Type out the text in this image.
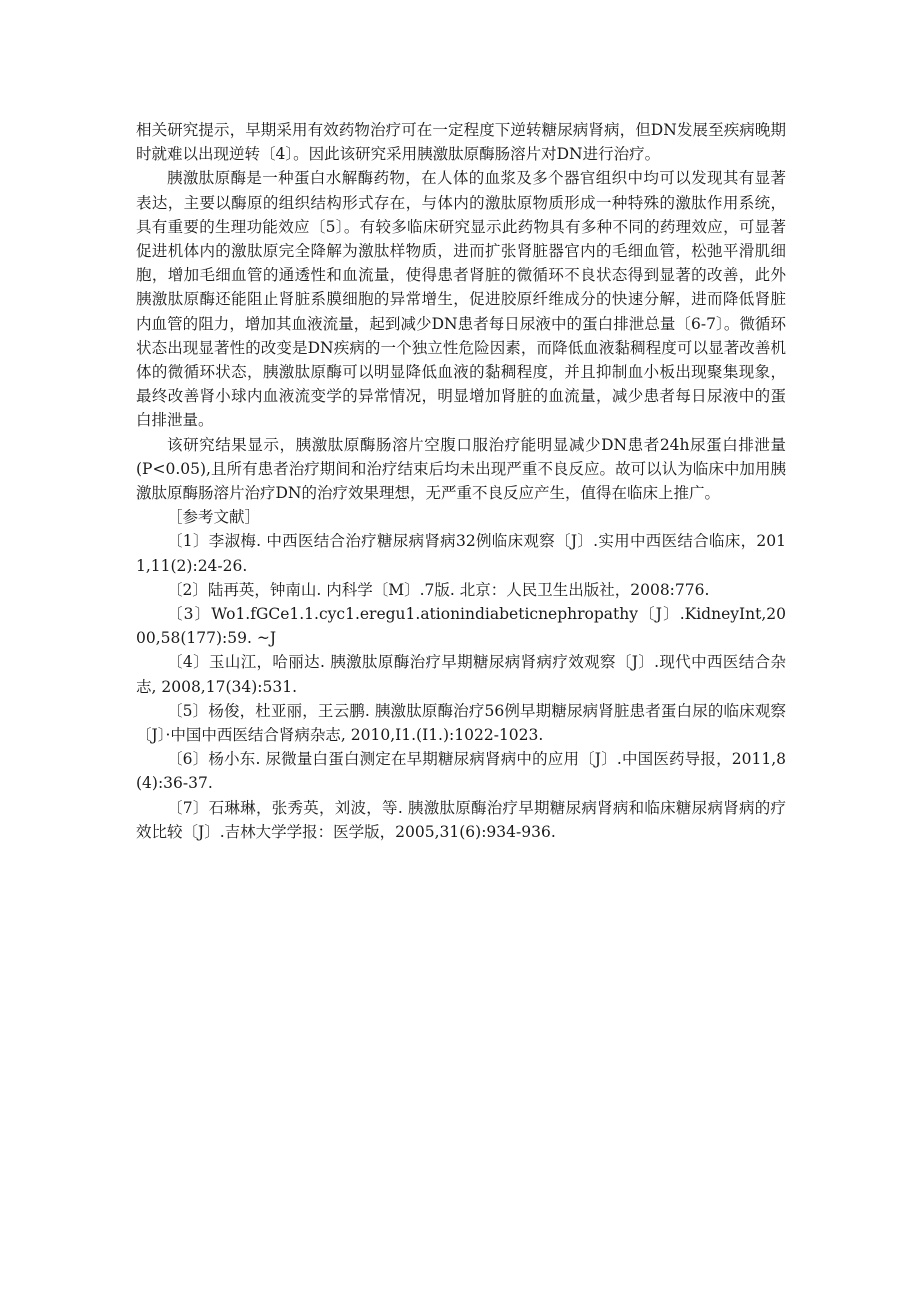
相关研究提示，早期采用有效药物治疗可在一定程度下逆转糖尿病肾病，但DN发展至疾病晚期时就难以出现逆转〔4〕。因此该研究采用胰激肽原酶肠溶片对DN进行治疗。

胰激肽原酶是一种蛋白水解酶药物，在人体的血浆及多个器官组织中均可以发现其有显著表达，主要以酶原的组织结构形式存在，与体内的激肽原物质形成一种特殊的激肽作用系统，具有重要的生理功能效应〔5〕。有较多临床研究显示此药物具有多种不同的药理效应，可显著促进机体内的激肽原完全降解为激肽样物质，进而扩张肾脏器官内的毛细血管，松弛平滑肌细胞，增加毛细血管的通透性和血流量，使得患者肾脏的微循环不良状态得到显著的改善，此外胰激肽原酶还能阻止肾脏系膜细胞的异常增生，促进胶原纤维成分的快速分解，进而降低肾脏内血管的阻力，增加其血液流量，起到减少DN患者每日尿液中的蛋白排泄总量〔6-7〕。微循环状态出现显著性的改变是DN疾病的一个独立性危险因素，而降低血液黏稠程度可以显著改善机体的微循环状态，胰激肽原酶可以明显降低血液的黏稠程度，并且抑制血小板出现聚集现象，最终改善肾小球内血液流变学的异常情况，明显增加肾脏的血流量，减少患者每日尿液中的蛋白排泄量。

该研究结果显示，胰激肽原酶肠溶片空腹口服治疗能明显减少DN患者24h尿蛋白排泄量(P<0.05),且所有患者治疗期间和治疗结束后均未出现严重不良反应。故可以认为临床中加用胰激肽原酶肠溶片治疗DN的治疗效果理想，无严重不良反应产生，值得在临床上推广。

［参考文献］

〔1〕李淑梅. 中西医结合治疗糖尿病肾病32例临床观察〔J〕.实用中西医结合临床，2011,11(2):24-26.

〔2〕陆再英，钟南山. 内科学〔M〕.7版. 北京：人民卫生出版社，2008:776.

〔3〕Wo1.fGCe1.1.cyc1.eregu1.ationindiabeticnephropathy〔J〕.KidneyInt,2000,58(177):59. ~J

〔4〕玉山江，哈丽达. 胰激肽原酶治疗早期糖尿病肾病疗效观察〔J〕.现代中西医结合杂志, 2008,17(34):531.

〔5〕杨俊，杜亚丽，王云鹏. 胰激肽原酶治疗56例早期糖尿病肾脏患者蛋白尿的临床观察〔J〕·中国中西医结合肾病杂志, 2010,I1.(I1.):1022-1023.

〔6〕杨小东. 尿微量白蛋白测定在早期糖尿病肾病中的应用〔J〕.中国医药导报，2011,8(4):36-37.

〔7〕石琳琳，张秀英，刘波，等. 胰激肽原酶治疗早期糖尿病肾病和临床糖尿病肾病的疗效比较〔J〕.吉林大学学报：医学版，2005,31(6):934-936.
